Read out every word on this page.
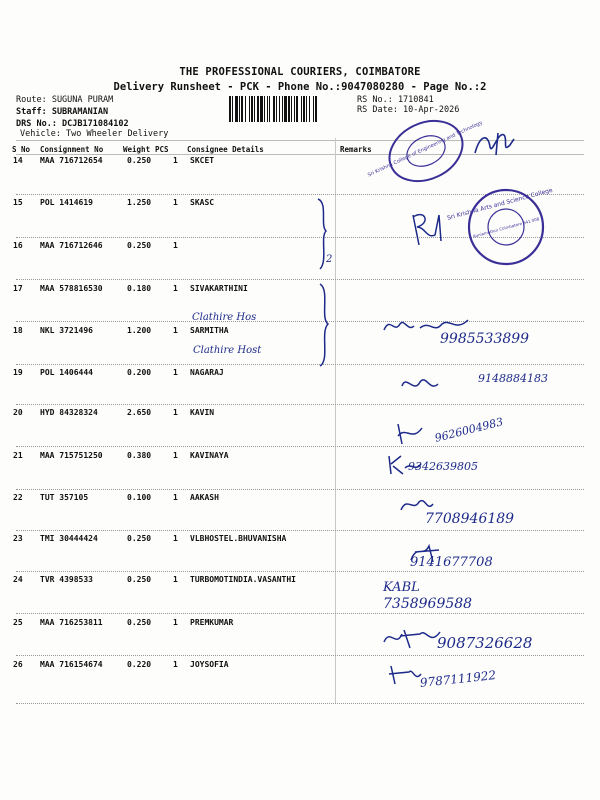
THE PROFESSIONAL COURIERS, COIMBATORE
Delivery Runsheet - PCK - Phone No.:9047080280 - Page No.:2
Route: SUGUNA PURAM
Staff: SUBRAMANIAN
DRS No.: DCJB171084102
Vehicle: Two Wheeler Delivery
RS No.: 1710841
RS Date: 10-Apr-2026
S No Consignment No	Weight PCS Consignee Details	Remarks
14 MAA 716712654	0.250	1 SKCET
15 POL 1414619	1.250	1 SKASC
16 MAA 716712646	0.250	1
17 MAA 578816530	0.180	1 SIVAKARTHINI
18 NKL 3721496	1.200	1 SARMITHA
19 POL 1406444	0.200	1 NAGARAJ
20 HYD 84328324	2.650	1 KAVIN
21 MAA 715751250	0.380	1 KAVINAYA
22 TUT 357105	0.100	1 AAKASH
23 TMI 30444424	0.250	1 VLBHOSTEL.BHUVANISHA
24 TVR 4398533	0.250	1 TURBOMOTINDIA.VASANTHI
25 MAA 716253811	0.250	1 PREMKUMAR
26 MAA 716154674	0.220	1 JOYSOFIA
Sri Krishna College of Engineering and Technology
Sri Krishna Arts and Science College
Kuniamuthur Coimbatore 641 008
2
Clathire Hos
Clathire Host
9985533899
9148884183
9626004983
9342639805
7708946189
9141677708
KABL
7358969588
9087326628
9787111922
